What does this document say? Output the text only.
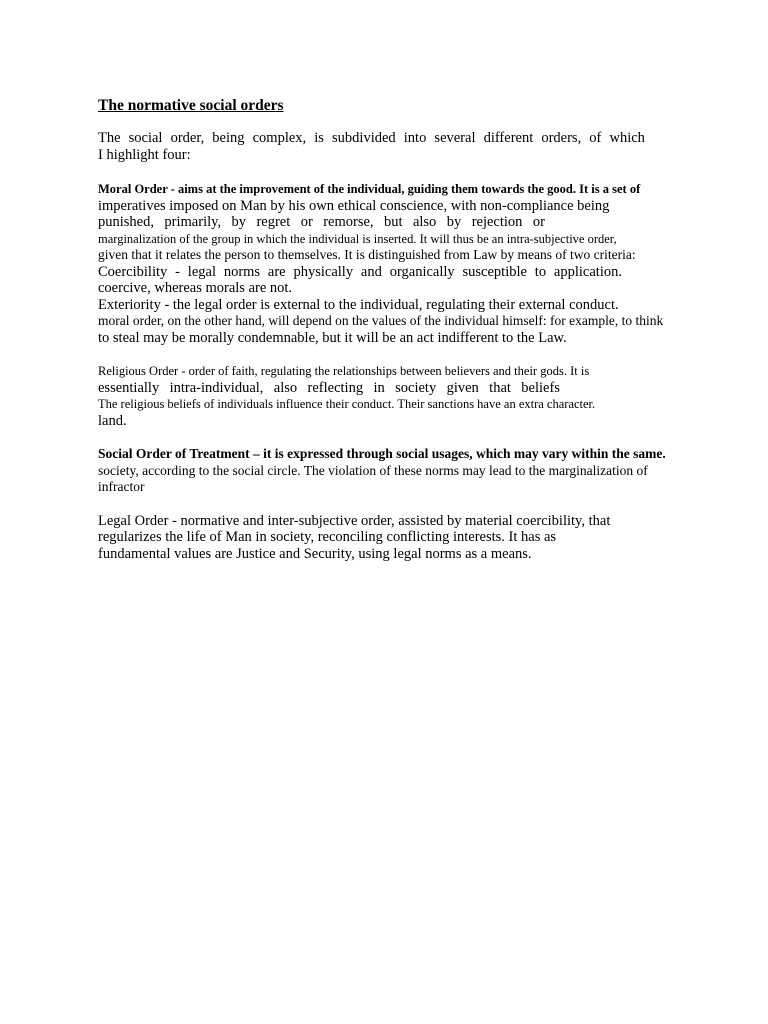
The normative social orders
The social order, being complex, is subdivided into several different orders, of which
I highlight four:
Moral Order - aims at the improvement of the individual, guiding them towards the good. It is a set of
imperatives imposed on Man by his own ethical conscience, with non-compliance being
punished, primarily, by regret or remorse, but also by rejection or
marginalization of the group in which the individual is inserted. It will thus be an intra-subjective order,
given that it relates the person to themselves. It is distinguished from Law by means of two criteria:
Coercibility - legal norms are physically and organically susceptible to application.
coercive, whereas morals are not.
Exteriority - the legal order is external to the individual, regulating their external conduct.
moral order, on the other hand, will depend on the values of the individual himself: for example, to think
to steal may be morally condemnable, but it will be an act indifferent to the Law.
Religious Order - order of faith, regulating the relationships between believers and their gods. It is
essentially intra-individual, also reflecting in society given that beliefs
The religious beliefs of individuals influence their conduct. Their sanctions have an extra character.
land.
Social Order of Treatment – it is expressed through social usages, which may vary within the same.
society, according to the social circle. The violation of these norms may lead to the marginalization of
infractor
Legal Order - normative and inter-subjective order, assisted by material coercibility, that
regularizes the life of Man in society, reconciling conflicting interests. It has as
fundamental values are Justice and Security, using legal norms as a means.
